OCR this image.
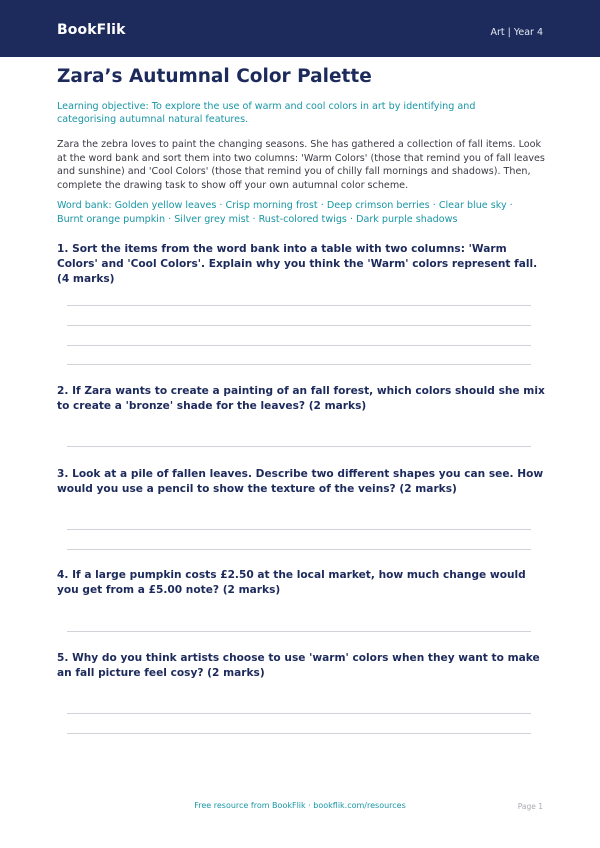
BookFlik	Art | Year 4
Zara’s Autumnal Color Palette
Learning objective: To explore the use of warm and cool colors in art by identifying and categorising autumnal natural features.
Zara the zebra loves to paint the changing seasons. She has gathered a collection of fall items. Look at the word bank and sort them into two columns: 'Warm Colors' (those that remind you of fall leaves and sunshine) and 'Cool Colors' (those that remind you of chilly fall mornings and shadows). Then, complete the drawing task to show off your own autumnal color scheme.
Word bank: Golden yellow leaves · Crisp morning frost · Deep crimson berries · Clear blue sky · Burnt orange pumpkin · Silver grey mist · Rust-colored twigs · Dark purple shadows
1. Sort the items from the word bank into a table with two columns: 'Warm Colors' and 'Cool Colors'. Explain why you think the 'Warm' colors represent fall. (4 marks)
2. If Zara wants to create a painting of an fall forest, which colors should she mix to create a 'bronze' shade for the leaves? (2 marks)
3. Look at a pile of fallen leaves. Describe two different shapes you can see. How would you use a pencil to show the texture of the veins? (2 marks)
4. If a large pumpkin costs £2.50 at the local market, how much change would you get from a £5.00 note? (2 marks)
5. Why do you think artists choose to use 'warm' colors when they want to make an fall picture feel cosy? (2 marks)
Free resource from BookFlik · bookflik.com/resources	Page 1
